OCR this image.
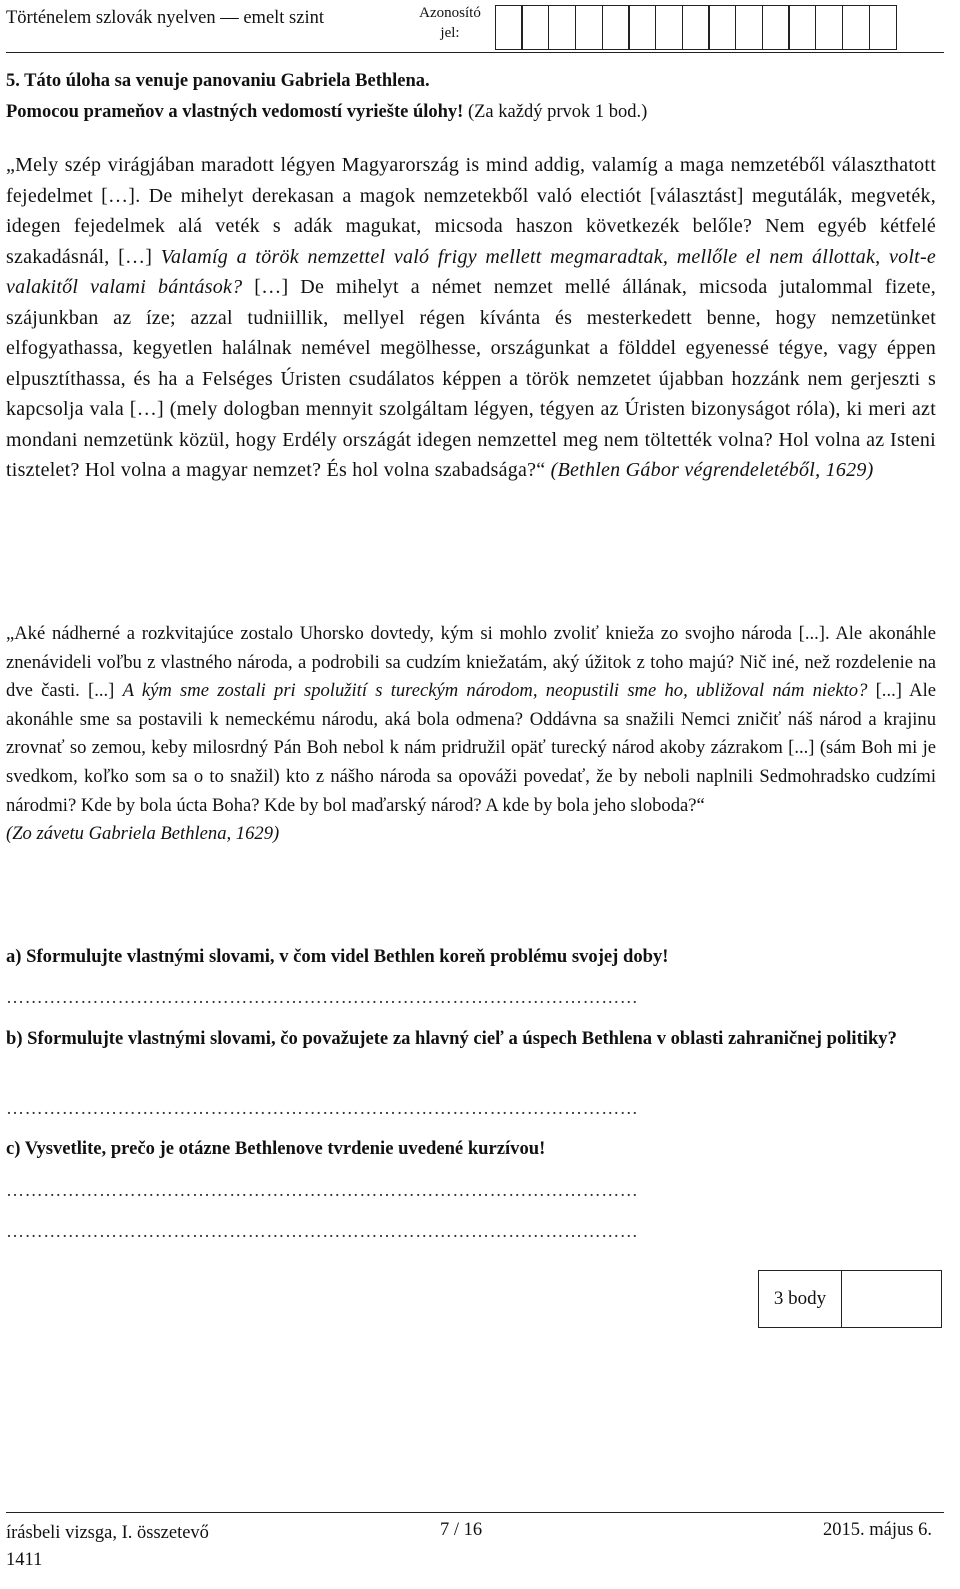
Történelem szlovák nyelven — emelt szint	Azonosító jel:
5. Táto úloha sa venuje panovaniu Gabriela Bethlena.
Pomocou prameňov a vlastných vedomostí vyriešte úlohy! (Za každý prvok 1 bod.)
„Mely szép virágjában maradott légyen Magyarország is mind addig, valamíg a maga nemzetéből választhatott fejedelmet […]. De mihelyt derekasan a magok nemzetekből való electiót [választást] megutálák, megveték, idegen fejedelmek alá veték s adák magukat, micsoda haszon következék belőle? Nem egyéb kétfelé szakadásnál, […] Valamíg a török nemzettel való frigy mellett megmaradtak, mellőle el nem állottak, volt-e valakitől valami bántások? […] De mihelyt a német nemzet mellé állának, micsoda jutalommal fizete, szájunkban az íze; azzal tudniillik, mellyel régen kívánta és mesterkedett benne, hogy nemzetünket elfogyathassa, kegyetlen halálnak nemével megölhesse, országunkat a földdel egyenessé tégye, vagy éppen elpusztíthassa, és ha a Felséges Úristen csudálatos képpen a török nemzetet újabban hozzánk nem gerjeszti s kapcsolja vala […] (mely dologban mennyit szolgáltam légyen, tégyen az Úristen bizonyságot róla), ki meri azt mondani nemzetünk közül, hogy Erdély országát idegen nemzettel meg nem töltették volna? Hol volna az Isteni tisztelet? Hol volna a magyar nemzet? És hol volna szabadsága?“ (Bethlen Gábor végrendeletéből, 1629)
„Aké nádherné a rozkvitajúce zostalo Uhorsko dovtedy, kým si mohlo zvoliť knieža zo svojho národa [...]. Ale akonáhle znenávideli voľbu z vlastného národa, a podrobili sa cudzím kniežatám, aký úžitok z toho majú? Nič iné, než rozdelenie na dve časti. [...] A kým sme zostali pri spolužití s tureckým národom, neopustili sme ho, ubližoval nám niekto? [...] Ale akonáhle sme sa postavili k nemeckému národu, aká bola odmena? Oddávna sa snažili Nemci zničiť náš národ a krajinu zrovnať so zemou, keby milosrdný Pán Boh nebol k nám pridružil opäť turecký národ akoby zázrakom [...] (sám Boh mi je svedkom, koľko som sa o to snažil) kto z nášho národa sa opováži povedať, že by neboli naplnili Sedmohradsko cudzími národmi? Kde by bola úcta Boha? Kde by bol maďarský národ? A kde by bola jeho sloboda?“
(Zo závetu Gabriela Bethlena, 1629)
a) Sformulujte vlastnými slovami, v čom videl Bethlen koreň problému svojej doby!
…………………………………………………………………………………………
b) Sformulujte vlastnými slovami, čo považujete za hlavný cieľ a úspech Bethlena v oblasti zahraničnej politiky?
…………………………………………………………………………………………
c) Vysvetlite, prečo je otázne Bethlenove tvrdenie uvedené kurzívou!
…………………………………………………………………………………………
…………………………………………………………………………………………
3 body
írásbeli vizsga, I. összetevő
1411
7 / 16	2015. május 6.
